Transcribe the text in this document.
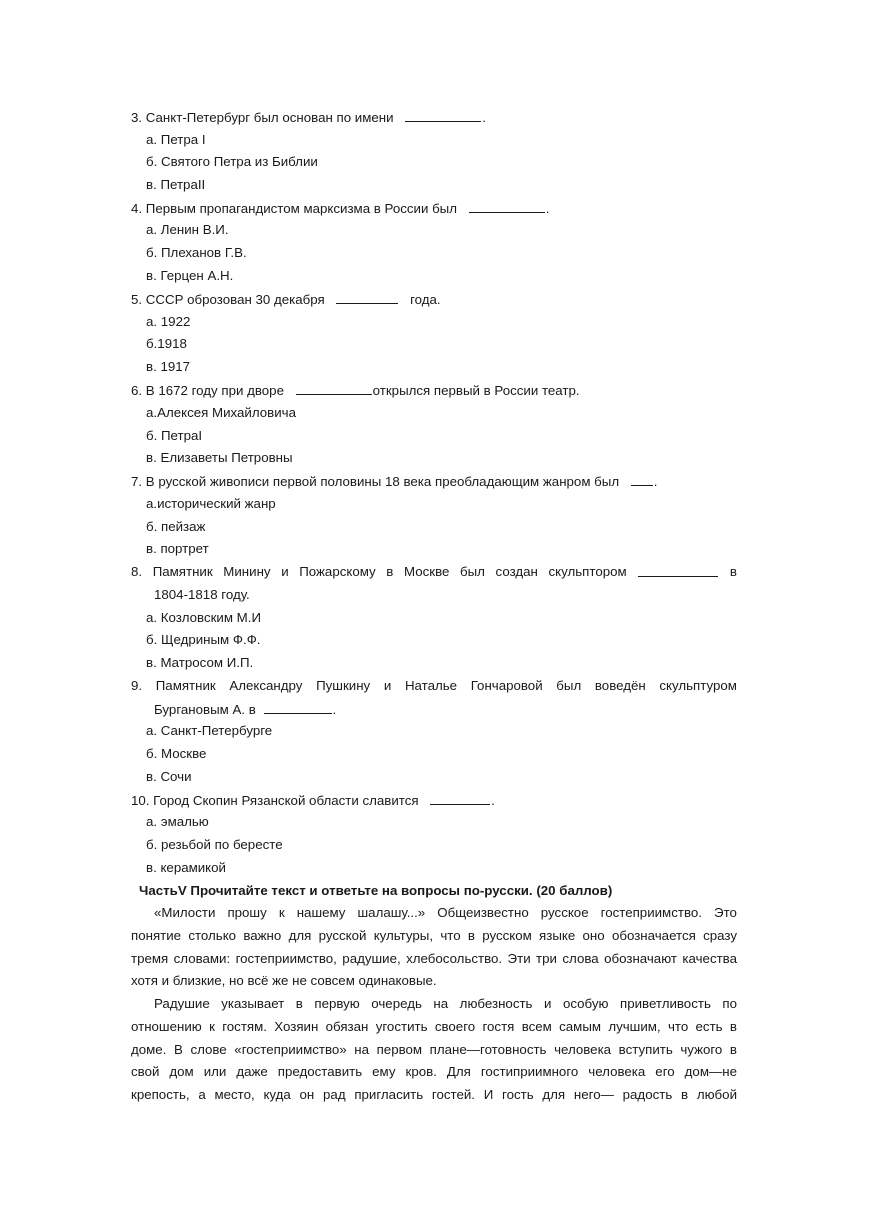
3. Санкт-Петербург был основан по имени	.
а. Петра I
б. Святого Петра из Библии
в. ПетраII
4. Первым пропагандистом марксизма в России был	.
а. Ленин В.И.
б. Плеханов Г.В.
в. Герцен А.Н.
5. СССР оброзован 30 декабря	года.
а. 1922
б.1918
в. 1917
6. В 1672 году при дворе	открылся первый в России театр.
а.Алексея Михайловича
б. ПетраI
в. Елизаветы Петровны
7. В русской живописи первой половины 18 века преобладающим жанром был	.
а.исторический жанр
б. пейзаж
в. портрет
8. Памятник Минину и Пожарскому в Москве был создан скульптором	в
1804-1818 году.
а. Козловским М.И
б. Щедриным Ф.Ф.
в. Матросом И.П.
9. Памятник Александру Пушкину и Наталье Гончаровой был воведён скульптуром
Бургановым А. в	.
а. Санкт-Петербурге
б. Москве
в. Сочи
10. Город Скопин Рязанской области славится	.
а. эмалью
б. резьбой по бересте
в. керамикой
ЧастьV Прочитайте текст и ответьте на вопросы по-русски. (20 баллов)
«Милости прошу к нашему шалашу...» Общеизвестно русское гостеприимство. Это
понятие столько важно для русской культуры, что в русском языке оно обозначается сразу
тремя словами: гостеприимство, радушие, хлебосольство. Эти три слова обозначают качества
хотя и близкие, но всё же не совсем одинаковые.
Радушие указывает в первую очередь на любезность и особую приветливость по
отношению к гостям. Хозяин обязан угостить своего гостя всем самым лучшим, что есть в
доме. В слове «гостеприимство» на первом плане—готовность человека вступить чужого в
свой дом или даже предоставить ему кров. Для гостиприимного человека его дом—не
крепость, а место, куда он рад пригласить гостей. И гость для него— радость в любой
